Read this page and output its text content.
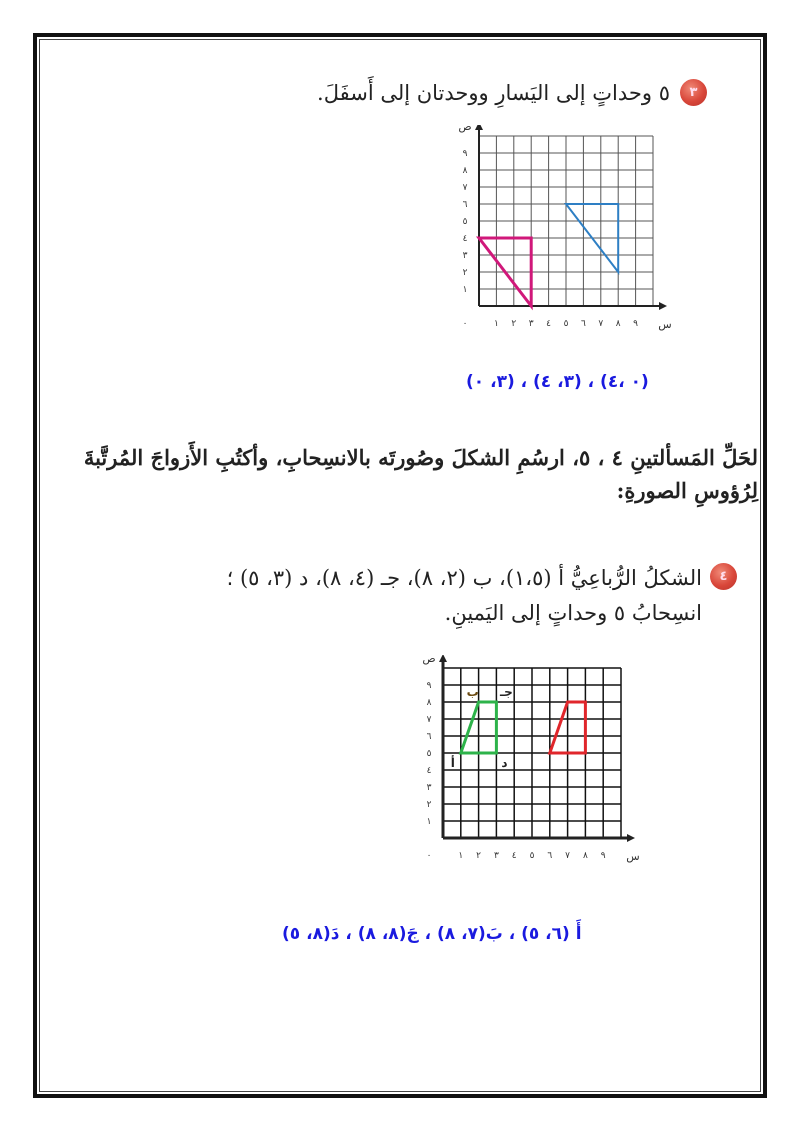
٣
٥ وحداتٍ إلى اليَسارِ ووحدتان إلى أَسفَلَ.
١ ٢ ٣ ٤ ٥ ٦ ٧ ٨ ٩
١
٢
٣
٤
٥
٦
٧
٨
٩
٠	س
ص
(٠ ،٤) ، (٣، ٤) ، (٣، ٠)
لحَلِّ المَسألتينِ ٤ ، ٥، ارسُمِ الشكلَ وصُورتَه بالانسِحابِ، وأكتُبِ الأَزواجَ المُرتَّبةَ
لِرُؤوسِ الصورةِ:
٤
الشكلُ الرُّباعِيُّ أ (١،٥)، ب (٢، ٨)، جـ (٤، ٨)، د (٣، ٥) ؛
انسِحابُ ٥ وحداتٍ إلى اليَمينِ.
١ ٢ ٣ ٤ ٥ ٦ ٧ ٨ ٩
١
٢
٣
٤
٥
٦
٧
٨
٩
٠	س
ص
أ
ب جـ
د
أَ (٦، ٥) ، بَ(٧، ٨) ، جَ(٨، ٨) ، دَ(٨، ٥)
